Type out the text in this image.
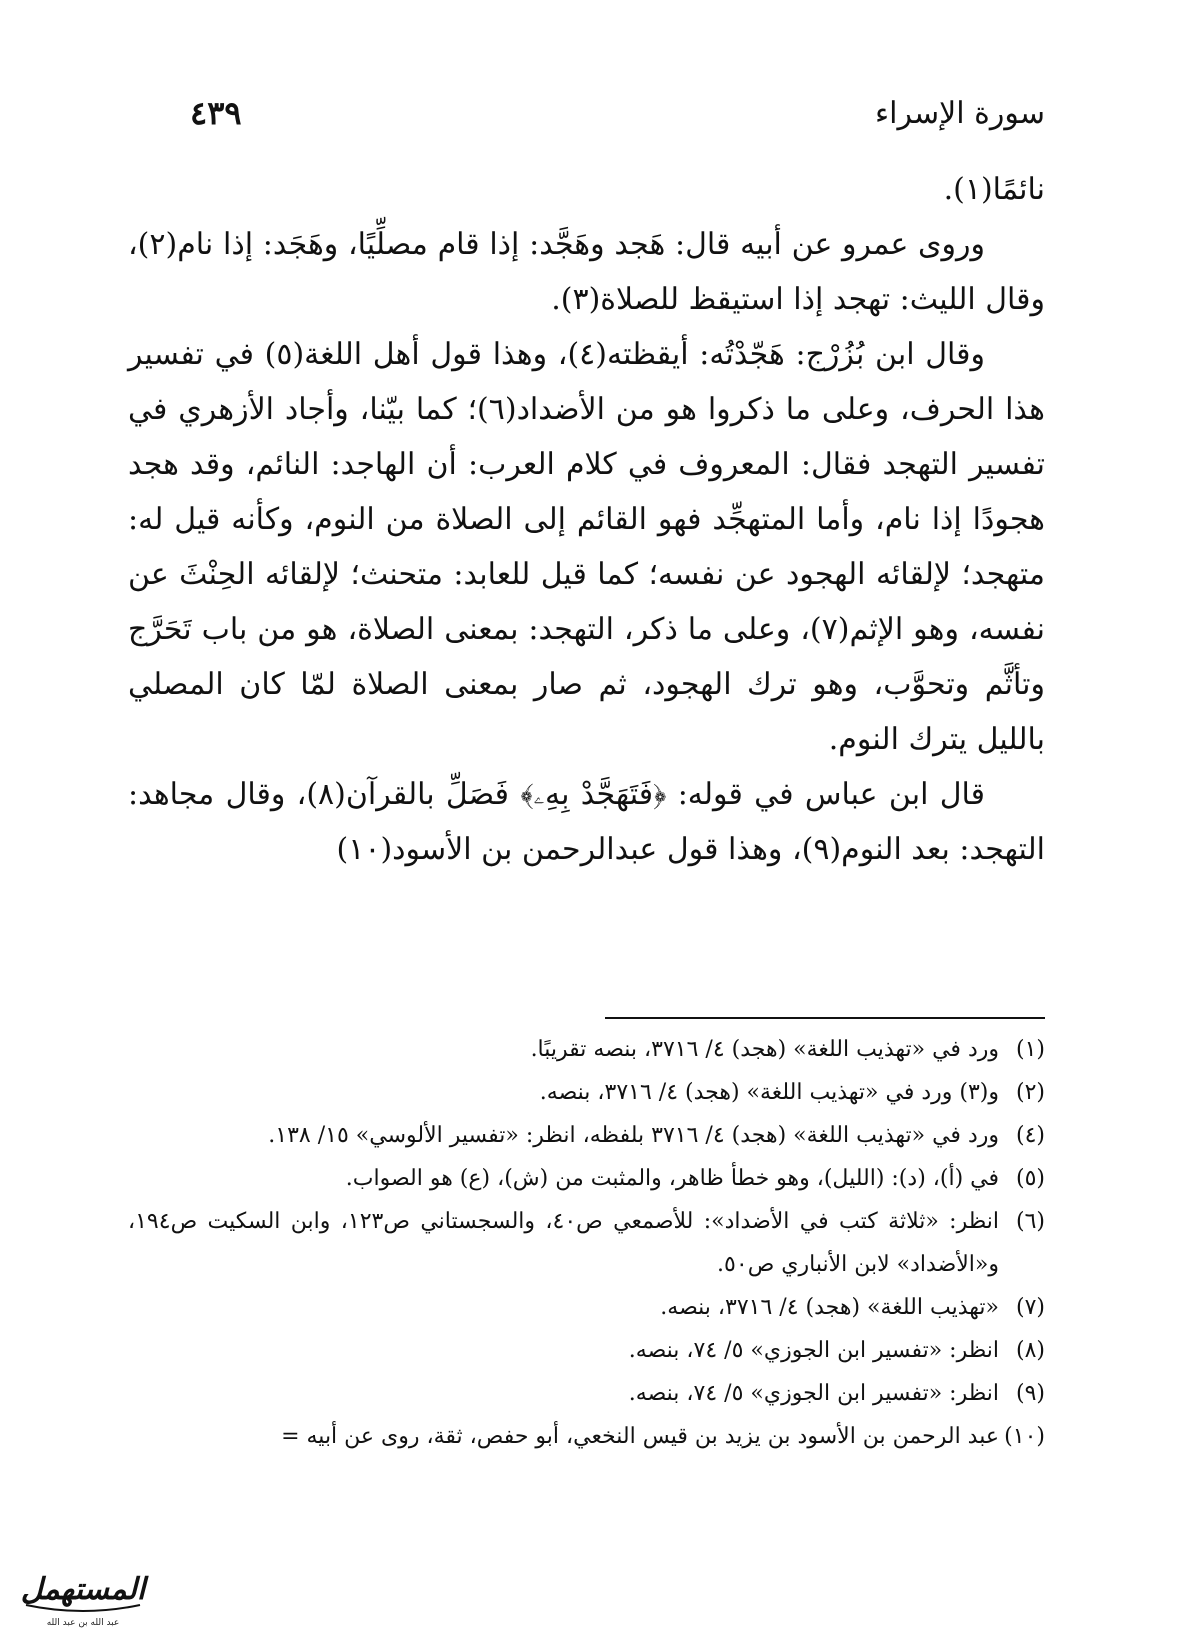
سورة الإسراء
٤٣٩

نائمًا(١).

وروى عمرو عن أبيه قال: هَجد وهَجَّد: إذا قام مصلِّيًا، وهَجَد: إذا نام(٢)، وقال الليث: تهجد إذا استيقظ للصلاة(٣).

وقال ابن بُزُرْج: هَجّدْتُه: أيقظته(٤)، وهذا قول أهل اللغة(٥) في تفسير هذا الحرف، وعلى ما ذكروا هو من الأضداد(٦)؛ كما بيّنا، وأجاد الأزهري في تفسير التهجد فقال: المعروف في كلام العرب: أن الهاجد: النائم، وقد هجد هجودًا إذا نام، وأما المتهجِّد فهو القائم إلى الصلاة من النوم، وكأنه قيل له: متهجد؛ لإلقائه الهجود عن نفسه؛ كما قيل للعابد: متحنث؛ لإلقائه الحِنْثَ عن نفسه، وهو الإثم(٧)، وعلى ما ذكر، التهجد: بمعنى الصلاة، هو من باب تَحَرَّج وتأثَّم وتحوَّب، وهو ترك الهجود، ثم صار بمعنى الصلاة لمّا كان المصلي بالليل يترك النوم.

قال ابن عباس في قوله: ﴿فَتَهَجَّدْ بِهِۦ﴾ فَصَلِّ بالقرآن(٨)، وقال مجاهد: التهجد: بعد النوم(٩)، وهذا قول عبدالرحمن بن الأسود(١٠)

(١)
ورد في «تهذيب اللغة» (هجد) ٤/ ٣٧١٦، بنصه تقريبًا.
(٢)
و(٣) ورد في «تهذيب اللغة» (هجد) ٤/ ٣٧١٦، بنصه.
(٤)
ورد في «تهذيب اللغة» (هجد) ٤/ ٣٧١٦ بلفظه، انظر: «تفسير الألوسي» ١٥/ ١٣٨.
(٥)
في (أ)، (د): (الليل)، وهو خطأ ظاهر، والمثبت من (ش)، (ع) هو الصواب.
(٦)
انظر: «ثلاثة كتب في الأضداد»: للأصمعي ص٤٠، والسجستاني ص١٢٣، وابن السكيت ص١٩٤، و«الأضداد» لابن الأنباري ص٥٠.
(٧)
«تهذيب اللغة» (هجد) ٤/ ٣٧١٦، بنصه.
(٨)
انظر: «تفسير ابن الجوزي» ٥/ ٧٤، بنصه.
(٩)
انظر: «تفسير ابن الجوزي» ٥/ ٧٤، بنصه.
(١٠)
عبد الرحمن بن الأسود بن يزيد بن قيس النخعي، أبو حفص، ثقة، روى عن أبيه =
المستهمل
عبد الله بن عبد الله
